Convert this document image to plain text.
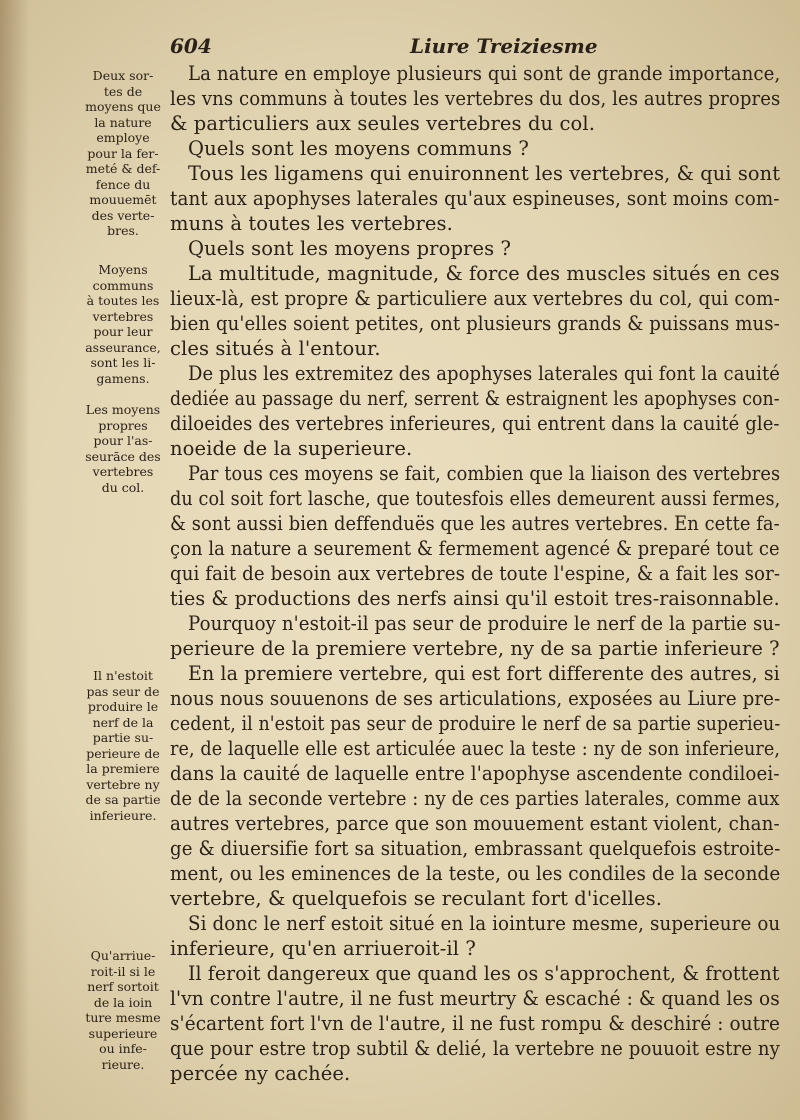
604	Liure Treiziesme
Deux sor-
tes de
moyens que
la nature
employe
pour la fer-
meté & def-
fence du
mouuemēt
des verte-
bres.
Moyens
communs
à toutes les
vertebres
pour leur
asseurance,
sont les li-
gamens.
Les moyens
propres
pour l'as-
seurāce des
vertebres
du col.
Il n'estoit
pas seur de
produire le
nerf de la
partie su-
perieure de
la premiere
vertebre ny
de sa partie
inferieure.
Qu'arriue-
roit-il si le
nerf sortoit
de la ioin
ture mesme
superieure
ou infe-
rieure.
La nature en employe plusieurs qui sont de grande importance,
les vns communs à toutes les vertebres du dos, les autres propres
& particuliers aux seules vertebres du col.
Quels sont les moyens communs ?
Tous les ligamens qui enuironnent les vertebres, & qui sont
tant aux apophyses laterales qu'aux espineuses, sont moins com-
muns à toutes les vertebres.
Quels sont les moyens propres ?
La multitude, magnitude, & force des muscles situés en ces
lieux-là, est propre & particuliere aux vertebres du col, qui com-
bien qu'elles soient petites, ont plusieurs grands & puissans mus-
cles situés à l'entour.
De plus les extremitez des apophyses laterales qui font la cauité
dediée au passage du nerf, serrent & estraignent les apophyses con-
diloeides des vertebres inferieures, qui entrent dans la cauité gle-
noeide de la superieure.
Par tous ces moyens se fait, combien que la liaison des vertebres
du col soit fort lasche, que toutesfois elles demeurent aussi fermes,
& sont aussi bien deffenduës que les autres vertebres. En cette fa-
çon la nature a seurement & fermement agencé & preparé tout ce
qui fait de besoin aux vertebres de toute l'espine, & a fait les sor-
ties & productions des nerfs ainsi qu'il estoit tres-raisonnable.
Pourquoy n'estoit-il pas seur de produire le nerf de la partie su-
perieure de la premiere vertebre, ny de sa partie inferieure ?
En la premiere vertebre, qui est fort differente des autres, si
nous nous souuenons de ses articulations, exposées au Liure pre-
cedent, il n'estoit pas seur de produire le nerf de sa partie superieu-
re, de laquelle elle est articulée auec la teste : ny de son inferieure,
dans la cauité de laquelle entre l'apophyse ascendente condiloei-
de de la seconde vertebre : ny de ces parties laterales, comme aux
autres vertebres, parce que son mouuement estant violent, chan-
ge & diuersifie fort sa situation, embrassant quelquefois estroite-
ment, ou les eminences de la teste, ou les condiles de la seconde
vertebre, & quelquefois se reculant fort d'icelles.
Si donc le nerf estoit situé en la iointure mesme, superieure ou
inferieure, qu'en arriueroit-il ?
Il feroit dangereux que quand les os s'approchent, & frottent
l'vn contre l'autre, il ne fust meurtry & escaché : & quand les os
s'écartent fort l'vn de l'autre, il ne fust rompu & deschiré : outre
que pour estre trop subtil & delié, la vertebre ne pouuoit estre ny
percée ny cachée.
